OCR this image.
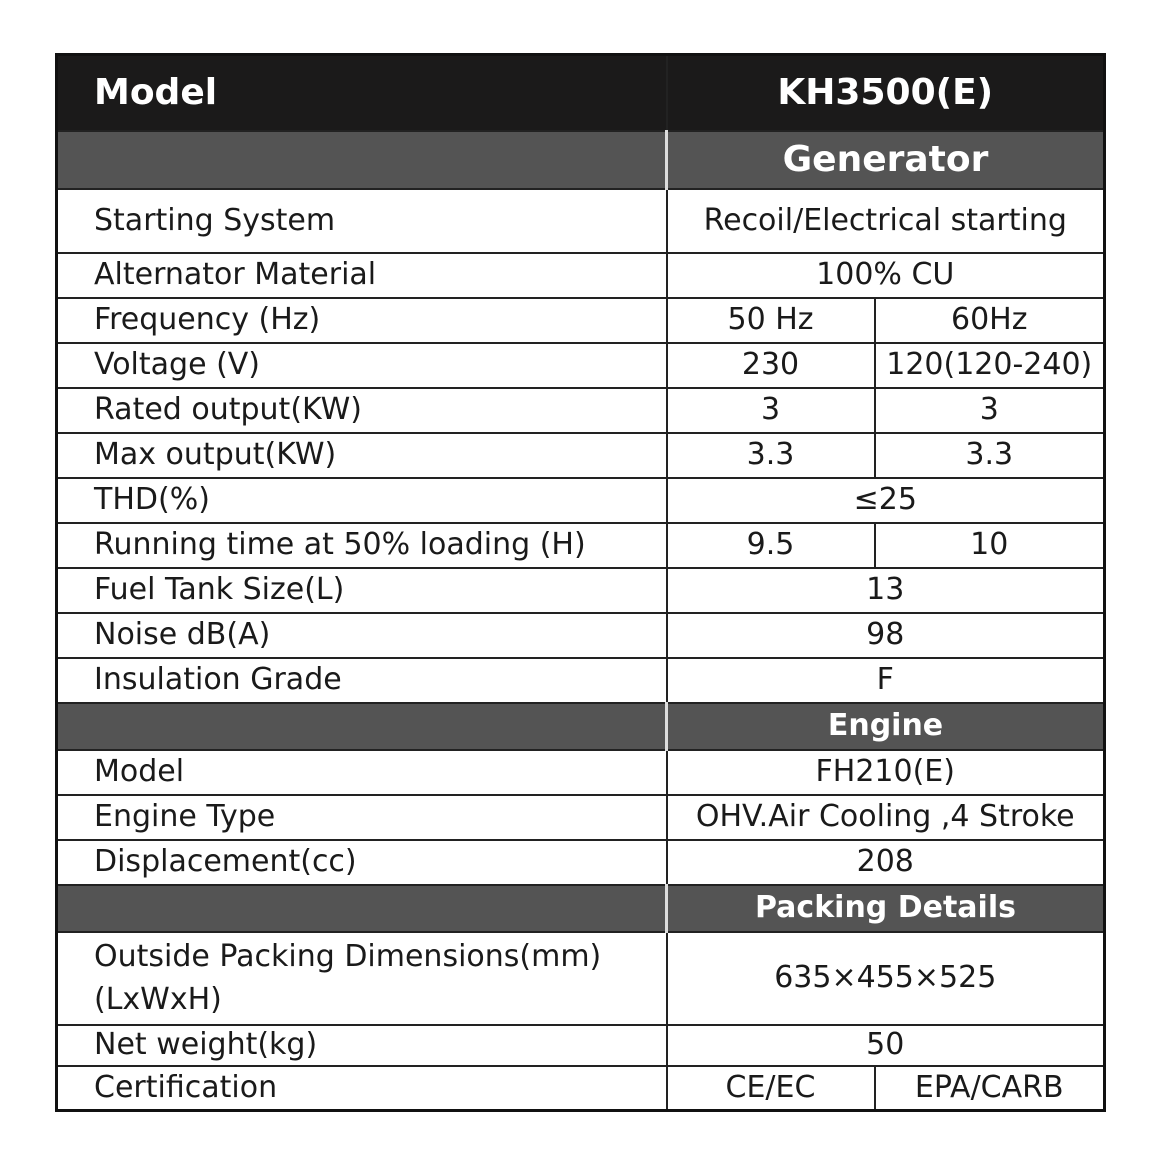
Model	KH3500(E)	
	Generator	
Starting System	Recoil/Electrical starting	
Alternator Material	100% CU	
Frequency (Hz)	50 Hz	60Hz
Voltage (V)	230	120(120-240)
Rated output(KW)	3	3
Max output(KW)	3.3	3.3
THD(%)	≤25	
Running time at 50% loading (H)	9.5	10
Fuel Tank Size(L)	13	
Noise dB(A)	98	
Insulation Grade	F	
	Engine	
Model	FH210(E)	
Engine Type	OHV.Air Cooling ,4 Stroke	
Displacement(cc)	208	
	Packing Details	
Outside Packing Dimensions(mm)
(LxWxH)	635×455×525	
Net weight(kg)	50	
Certification	CE/EC	EPA/CARB
